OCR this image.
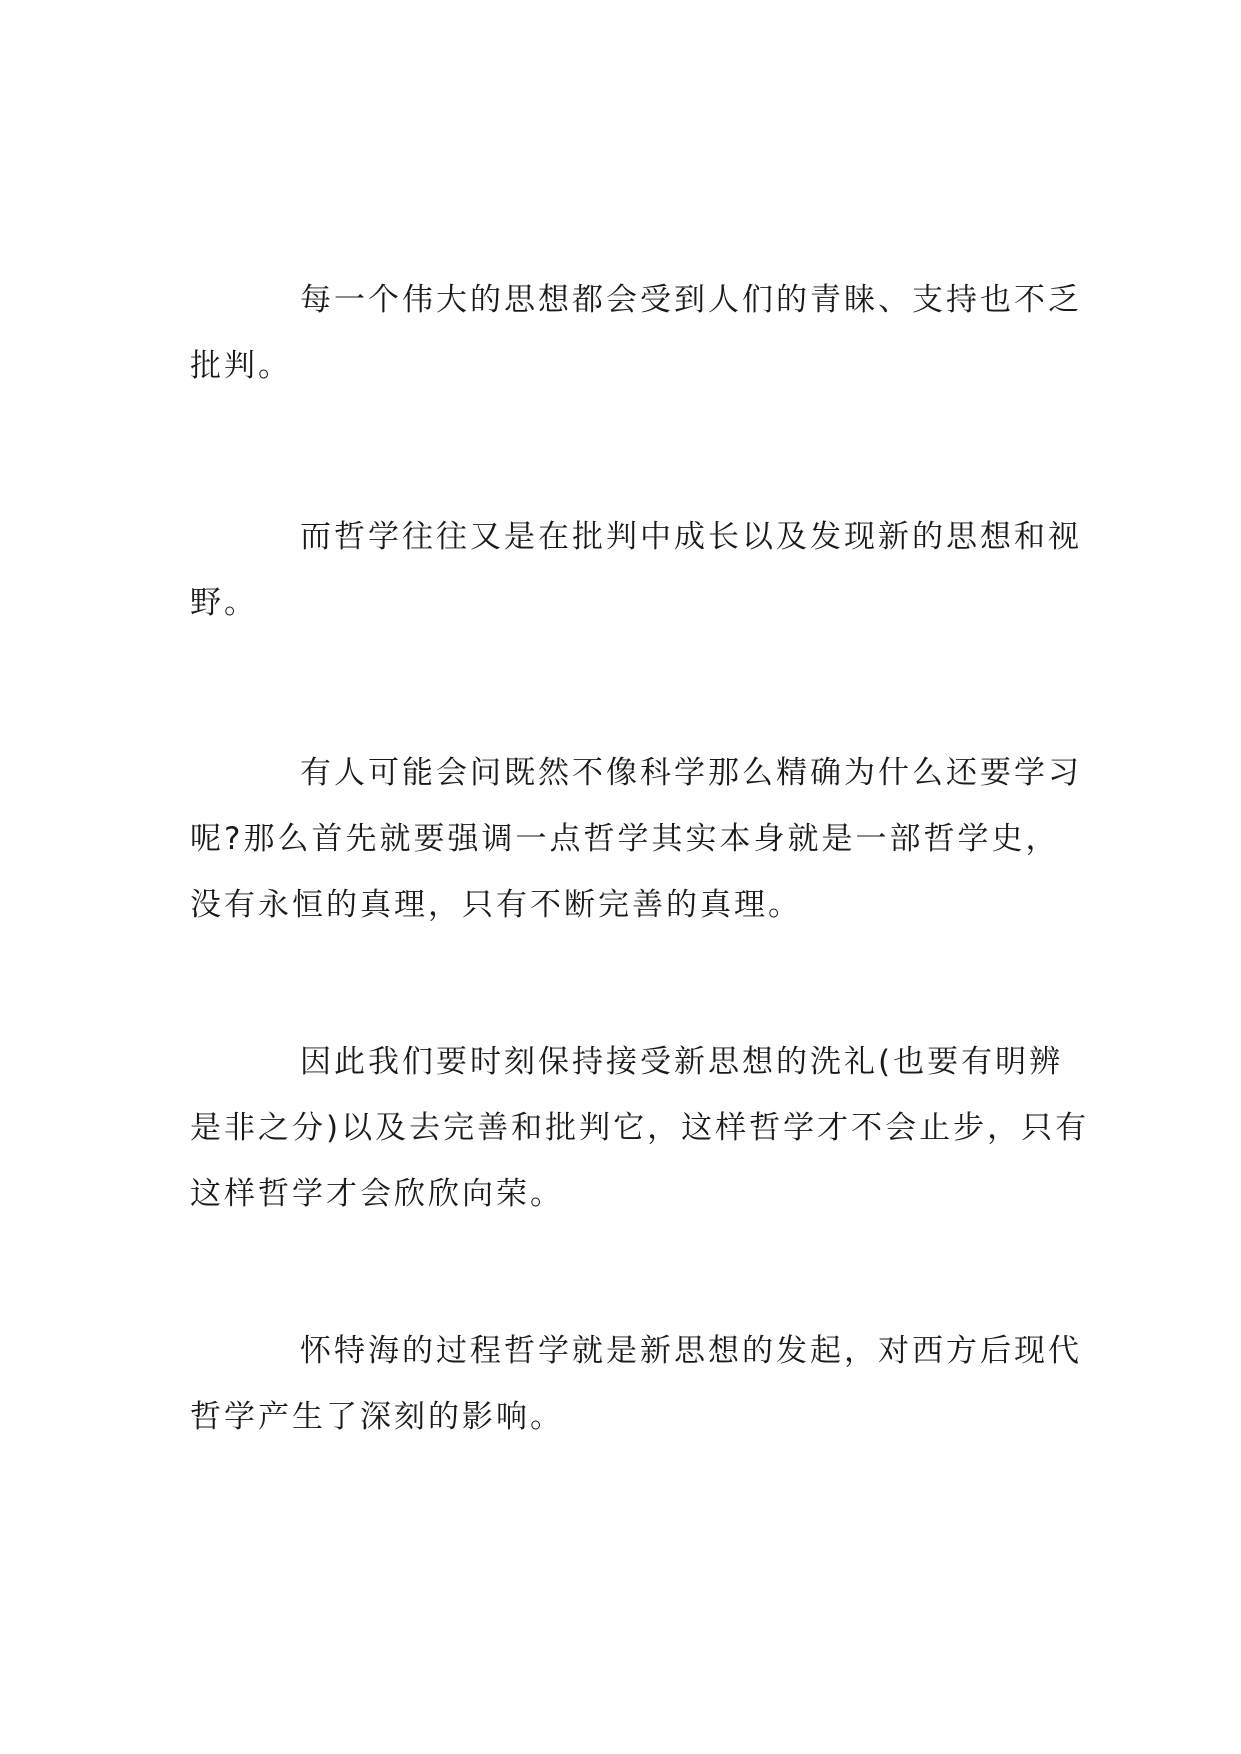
每一个伟大的思想都会受到人们的青睐、支持也不乏批判。

而哲学往往又是在批判中成长以及发现新的思想和视野。

有人可能会问既然不像科学那么精确为什么还要学习呢?那么首先就要强调一点哲学其实本身就是一部哲学史，没有永恒的真理，只有不断完善的真理。

因此我们要时刻保持接受新思想的洗礼(也要有明辨是非之分)以及去完善和批判它，这样哲学才不会止步，只有这样哲学才会欣欣向荣。

怀特海的过程哲学就是新思想的发起，对西方后现代哲学产生了深刻的影响。
